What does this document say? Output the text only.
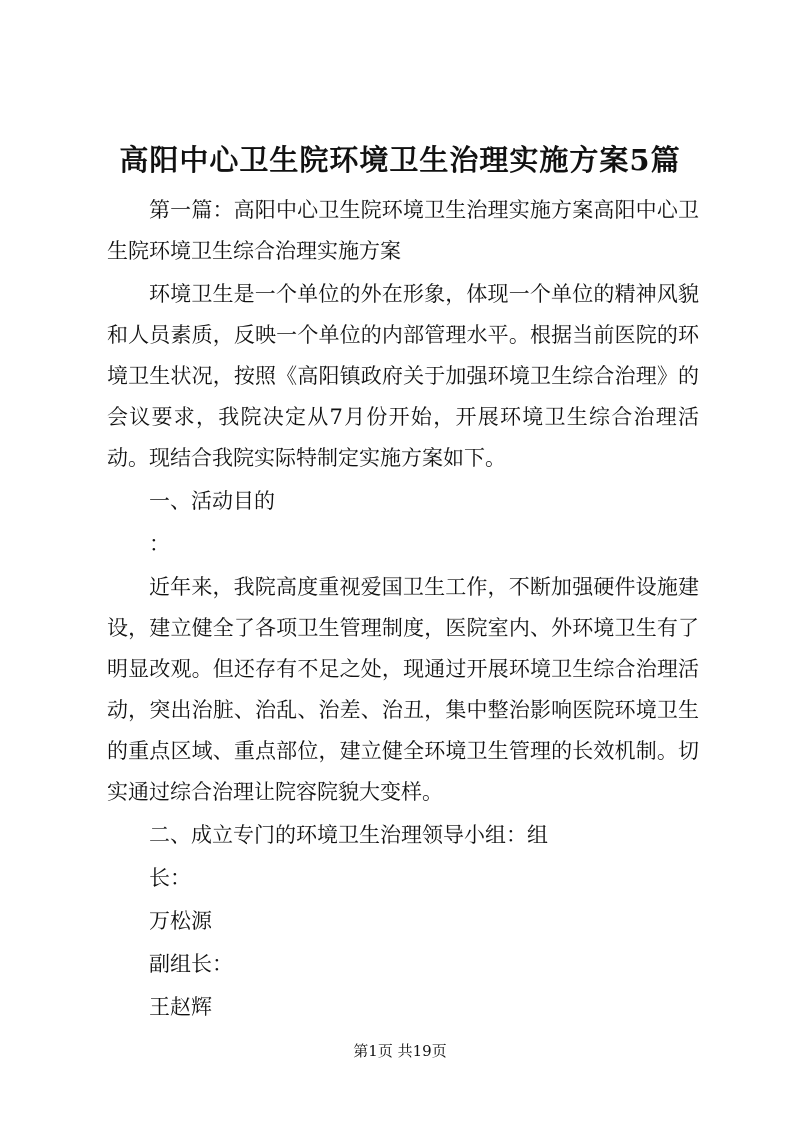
高阳中心卫生院环境卫生治理实施方案5篇

第一篇：高阳中心卫生院环境卫生治理实施方案高阳中心卫生院环境卫生综合治理实施方案

环境卫生是一个单位的外在形象，体现一个单位的精神风貌和人员素质，反映一个单位的内部管理水平。根据当前医院的环境卫生状况，按照《高阳镇政府关于加强环境卫生综合治理》的会议要求，我院决定从7月份开始，开展环境卫生综合治理活动。现结合我院实际特制定实施方案如下。

一、活动目的

：

近年来，我院高度重视爱国卫生工作，不断加强硬件设施建设，建立健全了各项卫生管理制度，医院室内、外环境卫生有了明显改观。但还存有不足之处，现通过开展环境卫生综合治理活动，突出治脏、治乱、治差、治丑，集中整治影响医院环境卫生的重点区域、重点部位，建立健全环境卫生管理的长效机制。切实通过综合治理让院容院貌大变样。

二、成立专门的环境卫生治理领导小组：组

长：

万松源

副组长：

王赵辉

第1页 共19页
